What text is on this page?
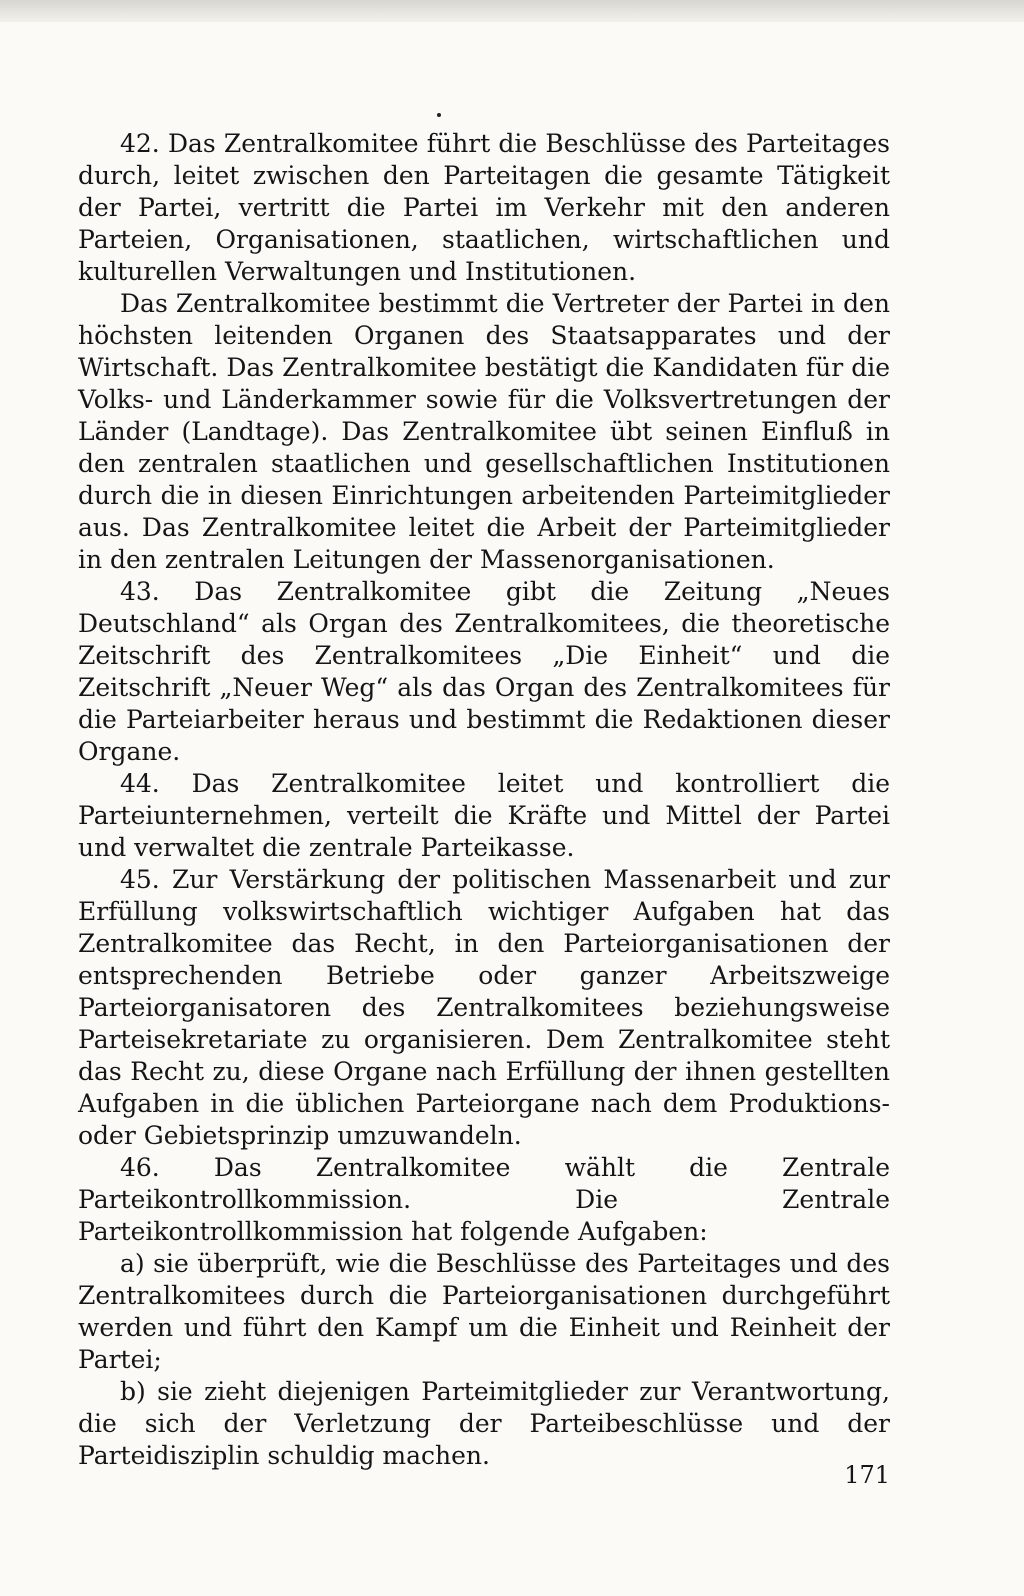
42. Das Zentralkomitee führt die Beschlüsse des Parteitages durch, leitet zwischen den Parteitagen die gesamte Tätigkeit der Partei, vertritt die Partei im Verkehr mit den anderen Parteien, Organisationen, staatlichen, wirtschaftlichen und kulturellen Verwaltungen und Institutionen.

Das Zentralkomitee bestimmt die Vertreter der Partei in den höchsten leitenden Organen des Staatsapparates und der Wirtschaft. Das Zentralkomitee bestätigt die Kandidaten für die Volks- und Länderkammer sowie für die Volksvertretungen der Länder (Landtage). Das Zentralkomitee übt seinen Einfluß in den zentralen staatlichen und gesellschaftlichen Institutionen durch die in diesen Einrichtungen arbeitenden Parteimitglieder aus. Das Zentralkomitee leitet die Arbeit der Parteimitglieder in den zentralen Leitungen der Massenorganisationen.

43. Das Zentralkomitee gibt die Zeitung „Neues Deutschland“ als Organ des Zentralkomitees, die theoretische Zeitschrift des Zentralkomitees „Die Einheit“ und die Zeitschrift „Neuer Weg“ als das Organ des Zentralkomitees für die Parteiarbeiter heraus und bestimmt die Redaktionen dieser Organe.

44. Das Zentralkomitee leitet und kontrolliert die Parteiunternehmen, verteilt die Kräfte und Mittel der Partei und verwaltet die zentrale Parteikasse.

45. Zur Verstärkung der politischen Massenarbeit und zur Erfüllung volkswirtschaftlich wichtiger Aufgaben hat das Zentralkomitee das Recht, in den Parteiorganisationen der entsprechenden Betriebe oder ganzer Arbeitszweige Parteiorganisatoren des Zentralkomitees beziehungsweise Parteisekretariate zu organisieren. Dem Zentralkomitee steht das Recht zu, diese Organe nach Erfüllung der ihnen gestellten Aufgaben in die üblichen Parteiorgane nach dem Produktions- oder Gebietsprinzip umzuwandeln.

46. Das Zentralkomitee wählt die Zentrale Parteikontrollkommission. Die Zentrale Parteikontrollkommission hat folgende Aufgaben:

a) sie überprüft, wie die Beschlüsse des Parteitages und des Zentralkomitees durch die Parteiorganisationen durchgeführt werden und führt den Kampf um die Einheit und Reinheit der Partei;

b) sie zieht diejenigen Parteimitglieder zur Verantwortung, die sich der Verletzung der Parteibeschlüsse und der Parteidisziplin schuldig machen.

171
